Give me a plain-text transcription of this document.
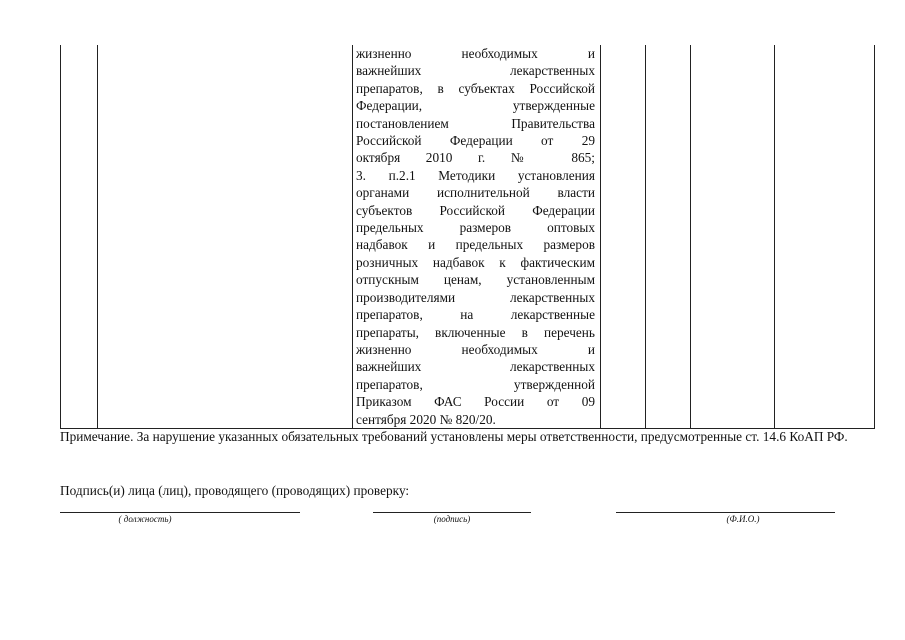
жизненно необходимых и
важнейших лекарственных
препаратов, в субъектах Российской
Федерации, утвержденные
постановлением Правительства
Российской Федерации от 29
октября 2010 г. № 865;
3. п.2.1 Методики установления
органами исполнительной власти
субъектов Российской Федерации
предельных размеров оптовых
надбавок и предельных размеров
розничных надбавок к фактическим
отпускным ценам, установленным
производителями лекарственных
препаратов, на лекарственные
препараты, включенные в перечень
жизненно необходимых и
важнейших лекарственных
препаратов, утвержденной
Приказом ФАС России от 09
сентября 2020 № 820/20.

Примечание. За нарушение указанных обязательных требований установлены меры ответственности, предусмотренные ст. 14.6 КоАП РФ.

Подпись(и) лица (лиц), проводящего (проводящих) проверку:

( должность)	(подпись)	(Ф.И.О.)
